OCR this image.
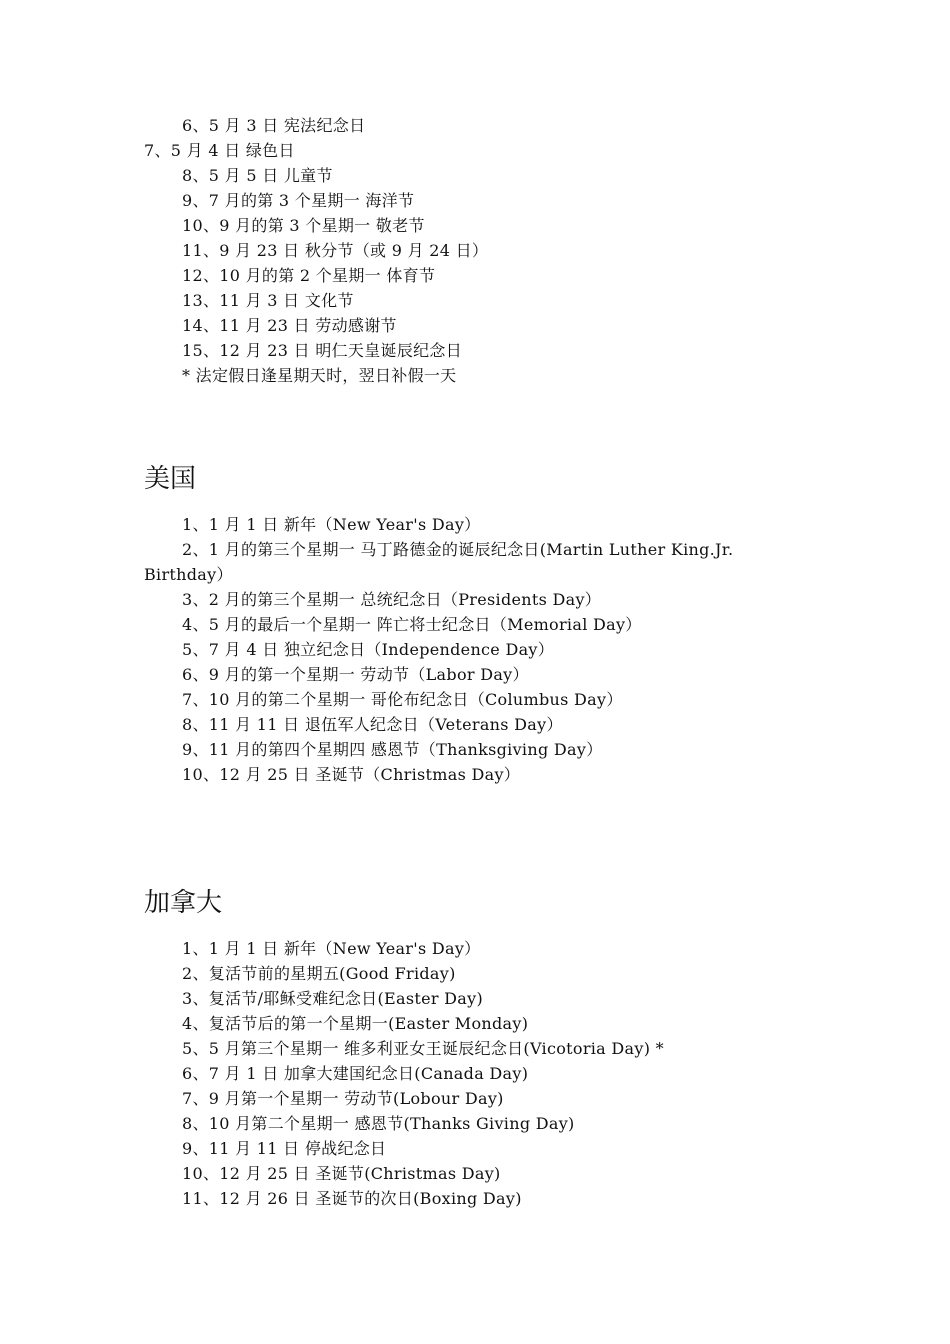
6、5 月 3 日 宪法纪念日
7、5 月 4 日 绿色日
8、5 月 5 日 儿童节
9、7 月的第 3 个星期一 海洋节
10、9 月的第 3 个星期一 敬老节
11、9 月 23 日 秋分节（或 9 月 24 日）
12、10 月的第 2 个星期一 体育节
13、11 月 3 日 文化节
14、11 月 23 日 劳动感谢节
15、12 月 23 日 明仁天皇诞辰纪念日
* 法定假日逢星期天时，翌日补假一天
美国
1、1 月 1 日 新年（New Year's Day）
2、1 月的第三个星期一 马丁路德金的诞辰纪念日(Martin Luther King.Jr.
Birthday）
3、2 月的第三个星期一 总统纪念日（Presidents Day）
4、5 月的最后一个星期一 阵亡将士纪念日（Memorial Day）
5、7 月 4 日 独立纪念日（Independence Day）
6、9 月的第一个星期一 劳动节（Labor Day）
7、10 月的第二个星期一 哥伦布纪念日（Columbus Day）
8、11 月 11 日 退伍军人纪念日（Veterans Day）
9、11 月的第四个星期四 感恩节（Thanksgiving Day）
10、12 月 25 日 圣诞节（Christmas Day）
加拿大
1、1 月 1 日 新年（New Year's Day）
2、复活节前的星期五(Good Friday)
3、复活节/耶稣受难纪念日(Easter Day)
4、复活节后的第一个星期一(Easter Monday)
5、5 月第三个星期一 维多利亚女王诞辰纪念日(Vicotoria Day) *
6、7 月 1 日 加拿大建国纪念日(Canada Day)
7、9 月第一个星期一 劳动节(Lobour Day)
8、10 月第二个星期一 感恩节(Thanks Giving Day)
9、11 月 11 日 停战纪念日
10、12 月 25 日 圣诞节(Christmas Day)
11、12 月 26 日 圣诞节的次日(Boxing Day)
